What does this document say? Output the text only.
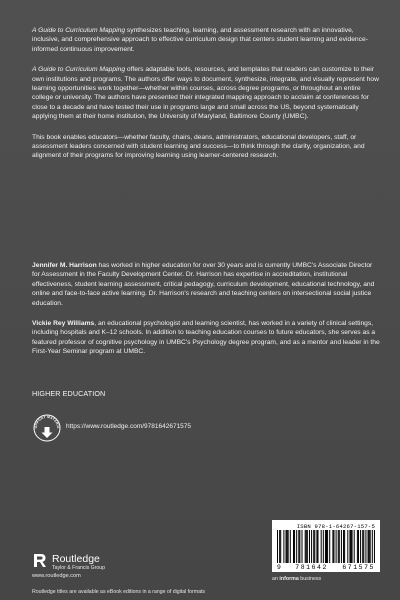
A Guide to Curriculum Mapping synthesizes teaching, learning, and assessment research with an innovative, inclusive, and comprehensive approach to effective curriculum design that centers student learning and evidence-informed continuous improvement.

A Guide to Curriculum Mapping offers adaptable tools, resources, and templates that readers can customize to their own institutions and programs. The authors offer ways to document, synthesize, integrate, and visually represent how learning opportunities work together—whether within courses, across degree programs, or throughout an entire college or university. The authors have presented their integrated mapping approach to acclaim at conferences for close to a decade and have tested their use in programs large and small across the US, beyond systematically applying them at their home institution, the University of Maryland, Baltimore County (UMBC).

This book enables educators—whether faculty, chairs, deans, administrators, educational developers, staff, or assessment leaders concerned with student learning and success—to think through the clarity, organization, and alignment of their programs for improving learning using learner-centered research.

Jennifer M. Harrison has worked in higher education for over 30 years and is currently UMBC's Associate Director for Assessment in the Faculty Development Center. Dr. Harrison has expertise in accreditation, institutional effectiveness, student learning assessment, critical pedagogy, curriculum development, educational technology, and online and face-to-face active learning. Dr. Harrison's research and teaching centers on intersectional social justice education.

Vickie Rey Williams, an educational psychologist and learning scientist, has worked in a variety of clinical settings, including hospitals and K–12 schools. In addition to teaching education courses to future educators, she serves as a featured professor of cognitive psychology in UMBC's Psychology degree program, and as a mentor and leader in the First-Year Seminar program at UMBC.

HIGHER EDUCATION
UPPORT MATERIA https://www.routledge.com/9781642671575
Routledge
Taylor & Francis Group
www.routledge.com
Routledge titles are available as eBook editions in a range of digital formats
ISBN 978-1-64267-157-5
9 781642 671575
an informa business
